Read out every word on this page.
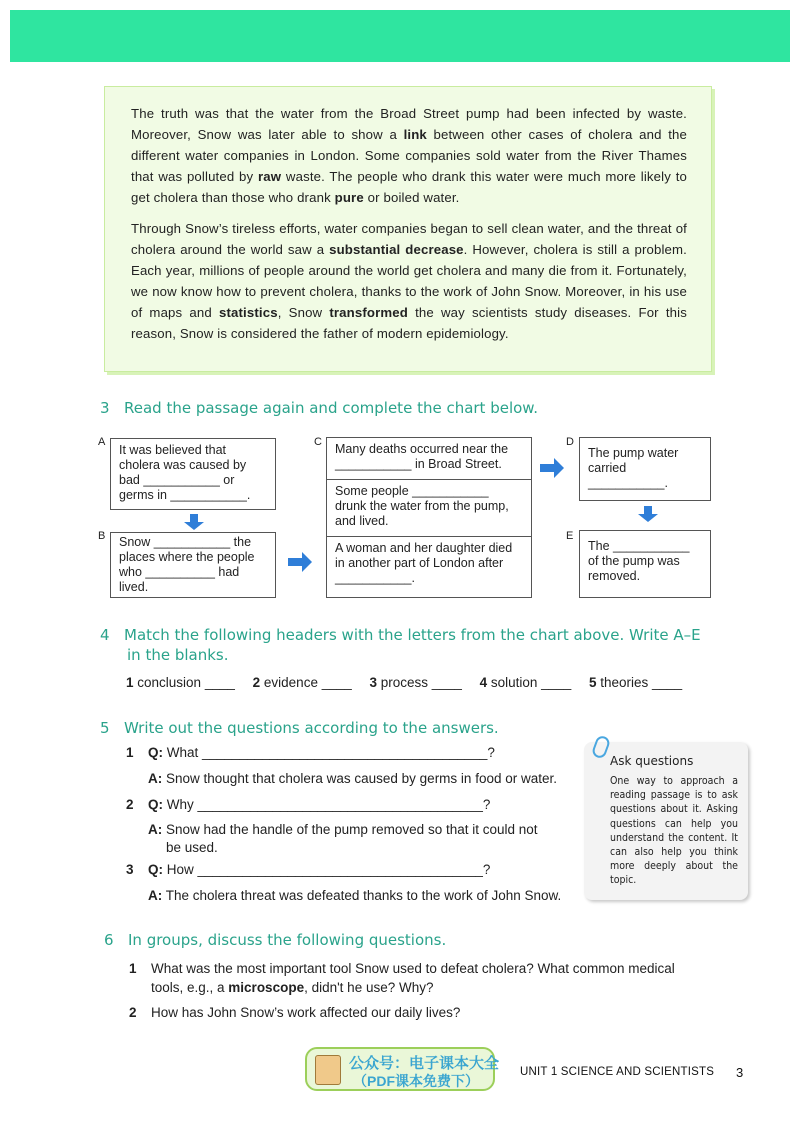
The truth was that the water from the Broad Street pump had been infected by waste. Moreover, Snow was later able to show a link between other cases of cholera and the different water companies in London. Some companies sold water from the River Thames that was polluted by raw waste. The people who drank this water were much more likely to get cholera than those who drank pure or boiled water.

Through Snow’s tireless efforts, water companies began to sell clean water, and the threat of cholera around the world saw a substantial decrease. However, cholera is still a problem. Each year, millions of people around the world get cholera and many die from it. Fortunately, we now know how to prevent cholera, thanks to the work of John Snow. Moreover, in his use of maps and statistics, Snow transformed the way scientists study diseases. For this reason, Snow is considered the father of modern epidemiology.

3 Read the passage again and complete the chart below.
A
It was believed that cholera was caused by bad ___________ or germs in ___________.
B	Snow ___________ the places where the people who __________ had lived.
C	Many deaths occurred near the ___________ in Broad Street.
Some people ___________ drunk the water from the pump, and lived.
A woman and her daughter died in another part of London after ___________.
D
The pump water carried ___________.
E
The ___________ of the pump was removed.
4 Match the following headers with the letters from the chart above. Write A–E
in the blanks.
1 conclusion ____ 2 evidence ____ 3 process ____ 4 solution ____ 5 theories ____
5 Write out the questions according to the answers.
1 Q: What ______________________________________?
A: Snow thought that cholera was caused by germs in food or water.
2 Q: Why ______________________________________?
A: Snow had the handle of the pump removed so that it could not
be used.
3 Q: How ______________________________________?
A: The cholera threat was defeated thanks to the work of John Snow.
Ask questions
One way to approach a reading passage is to ask questions about it. Asking questions can help you understand the content. It can also help you think more deeply about the topic.
6 In groups, discuss the following questions.
1 What was the most important tool Snow used to defeat cholera? What common medical
tools, e.g., a microscope, didn't he use? Why?
2 How has John Snow’s work affected our daily lives?
公众号：电子课本大全
（PDF课本免费下）
UNIT 1 SCIENCE AND SCIENTISTS 3
